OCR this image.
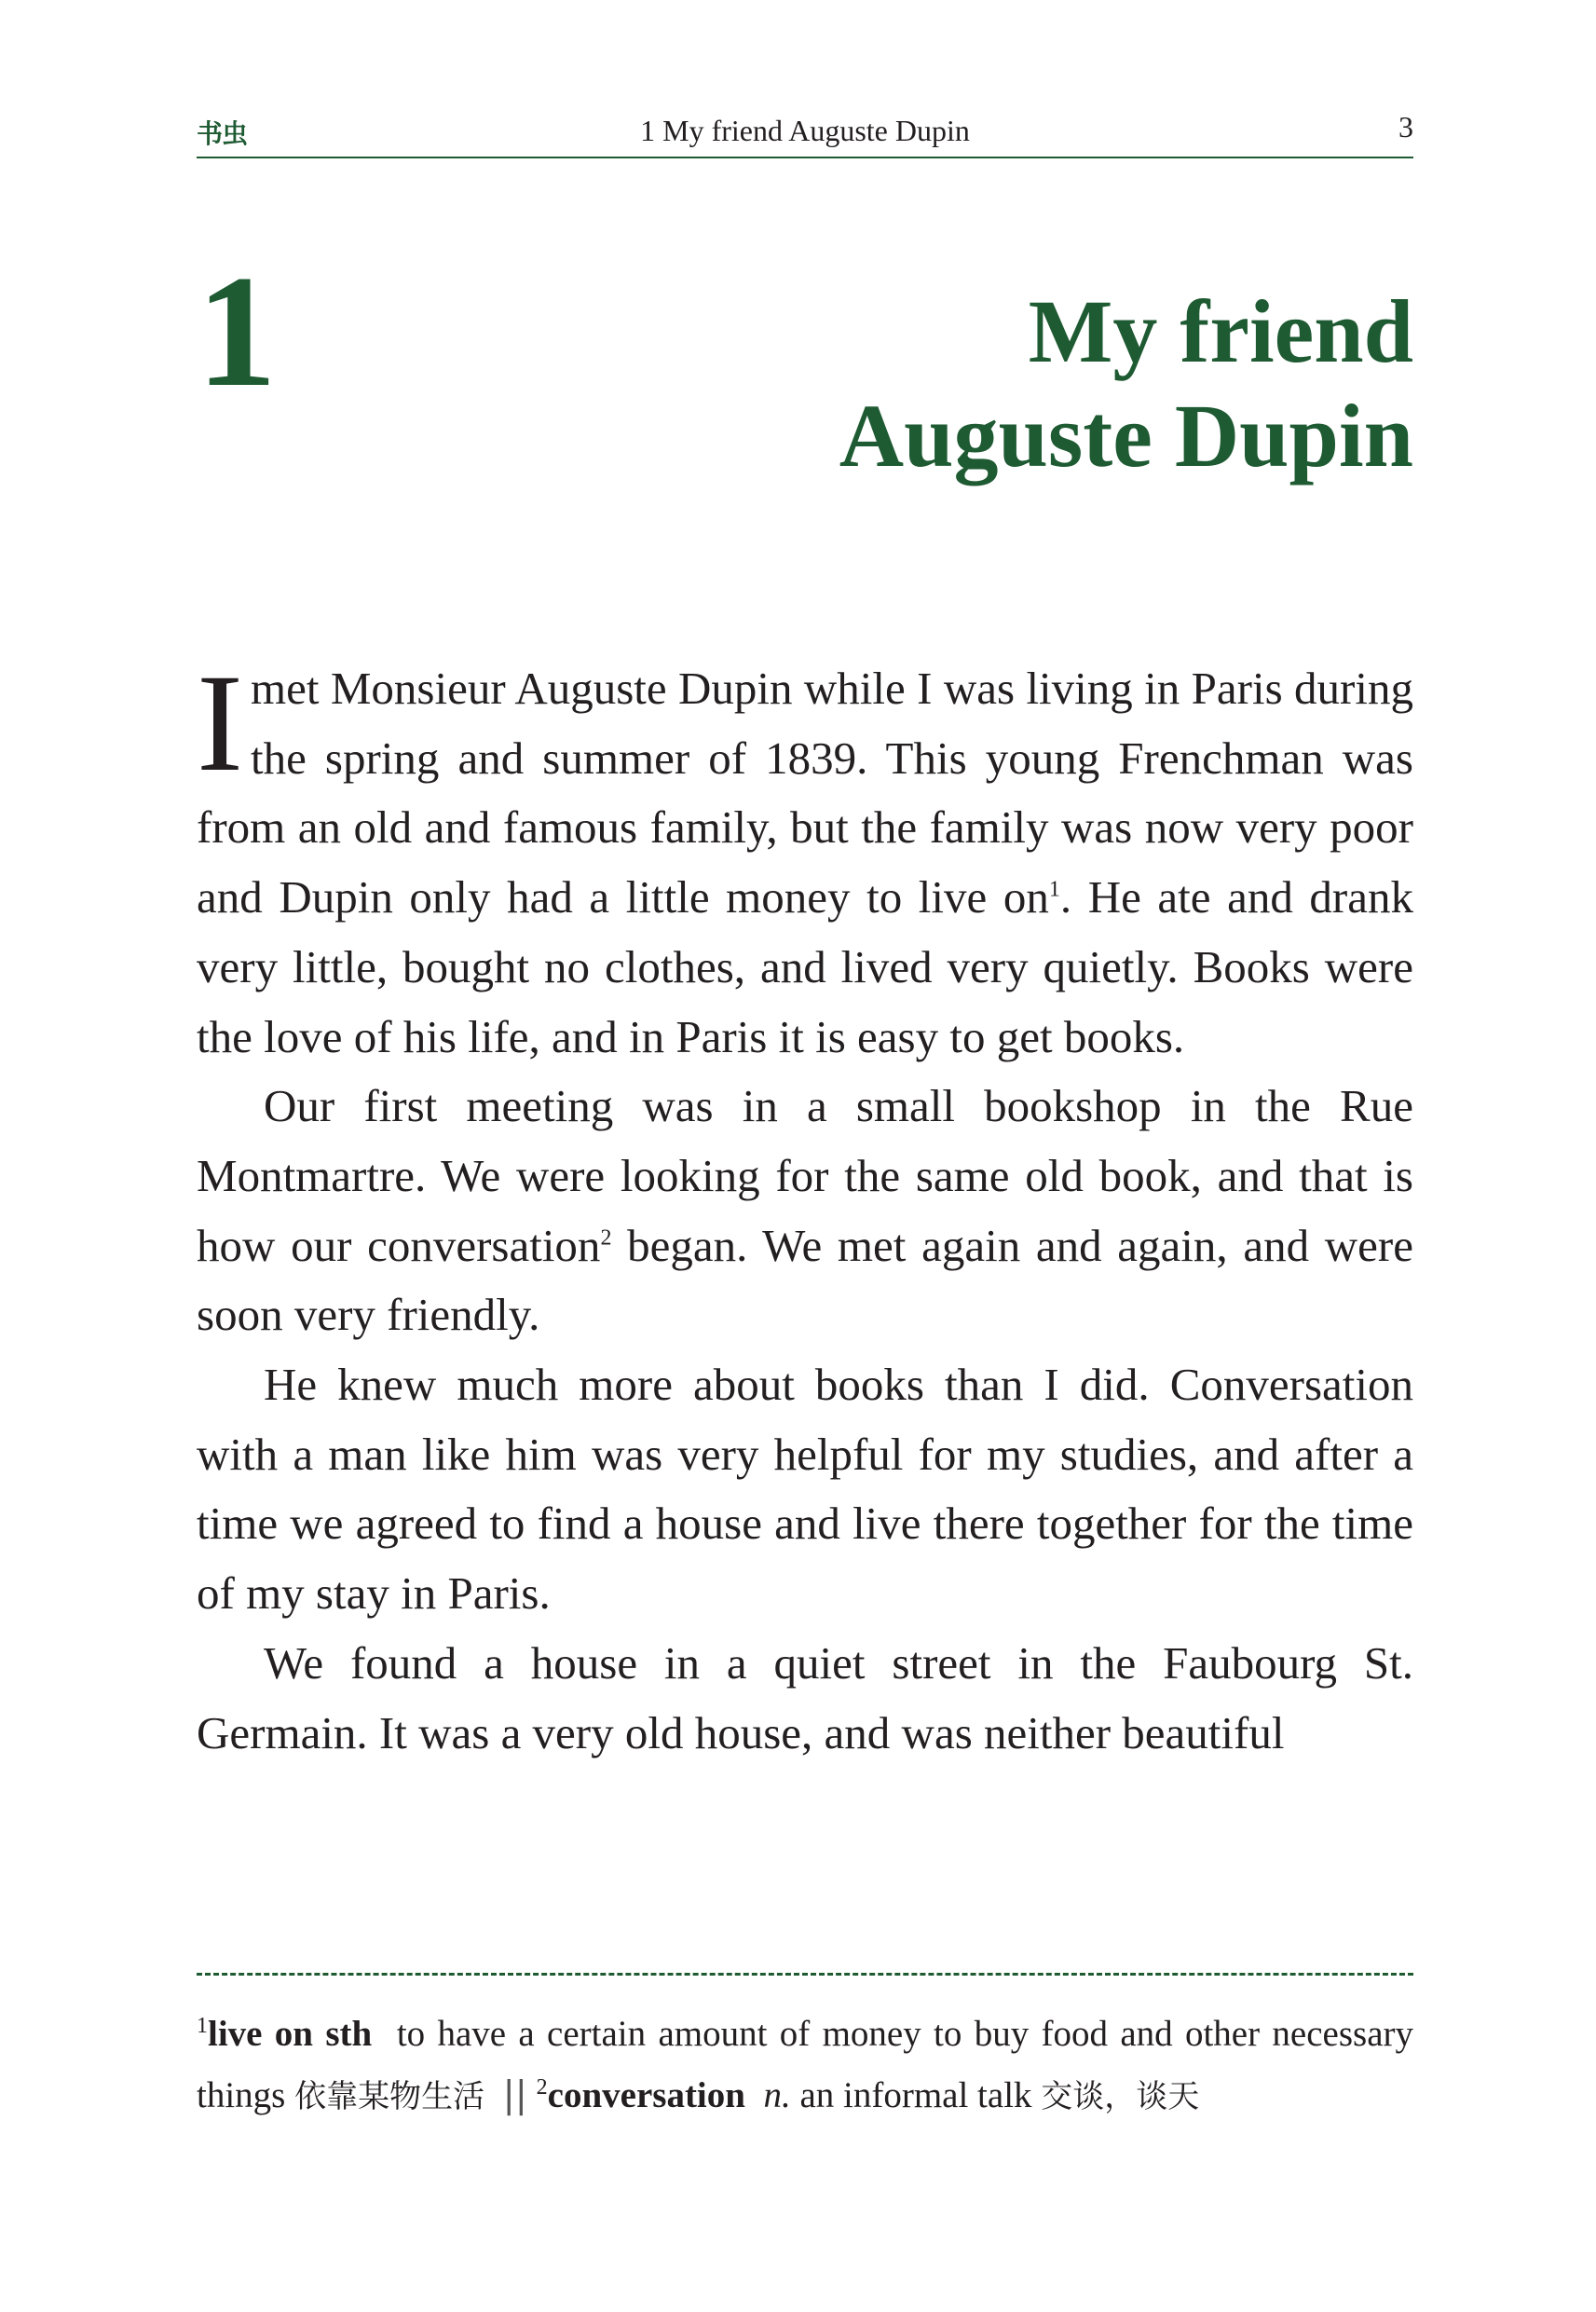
书虫	1 My friend Auguste Dupin	3
1	My friend
Auguste Dupin

Imet Monsieur Auguste Dupin while I was living in Paris during the spring and summer of 1839. This young Frenchman was from an old and famous family, but the family was now very poor and Dupin only had a little money to live $on^1$. He ate and drank very little, bought no clothes, and lived very quietly. Books were the love of his life, and in Paris it is easy to get books.

Our first meeting was in a small bookshop in the Rue Montmartre. We were looking for the same old book, and that is how our conversation$^2$ began. We met again and again, and were soon very friendly.

He knew much more about books than I did. Conversation with a man like him was very helpful for my studies, and after a time we agreed to find a house and live there together for the time of my stay in Paris.

We found a house in a quiet street in the Faubourg St. Germain. It was a very old house, and was neither beautiful

$^1$live on sth to have a certain amount of money to buy food and other necessary things 依靠某物生活 || $^2$conversation n. an informal talk 交谈，谈天
